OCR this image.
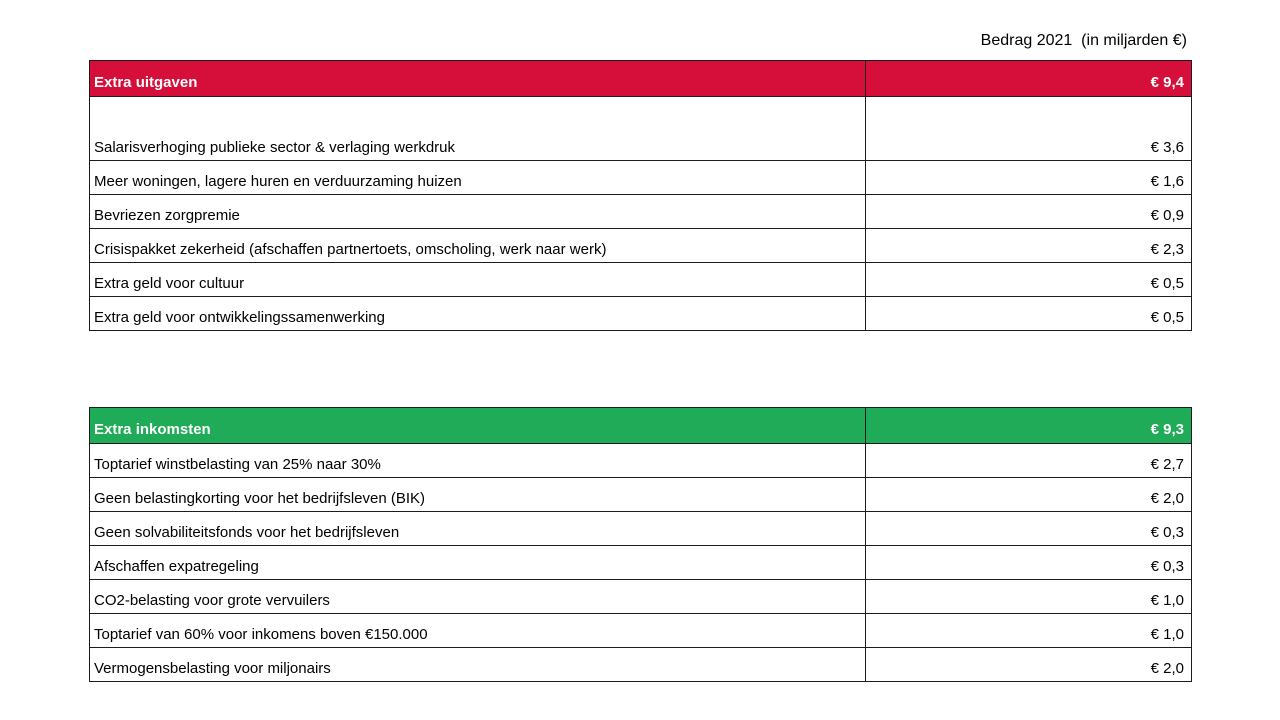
Bedrag 2021  (in miljarden €)
Extra uitgaven	€ 9,4
Salarisverhoging publieke sector & verlaging werkdruk	€ 3,6
Meer woningen, lagere huren en verduurzaming huizen	€ 1,6
Bevriezen zorgpremie	€ 0,9
Crisispakket zekerheid (afschaffen partnertoets, omscholing, werk naar werk)	€ 2,3
Extra geld voor cultuur	€ 0,5
Extra geld voor ontwikkelingssamenwerking	€ 0,5
Extra inkomsten	€ 9,3
Toptarief winstbelasting van 25% naar 30%	€ 2,7
Geen belastingkorting voor het bedrijfsleven (BIK)	€ 2,0
Geen solvabiliteitsfonds voor het bedrijfsleven	€ 0,3
Afschaffen expatregeling	€ 0,3
CO2-belasting voor grote vervuilers	€ 1,0
Toptarief van 60% voor inkomens boven €150.000	€ 1,0
Vermogensbelasting voor miljonairs	€ 2,0
